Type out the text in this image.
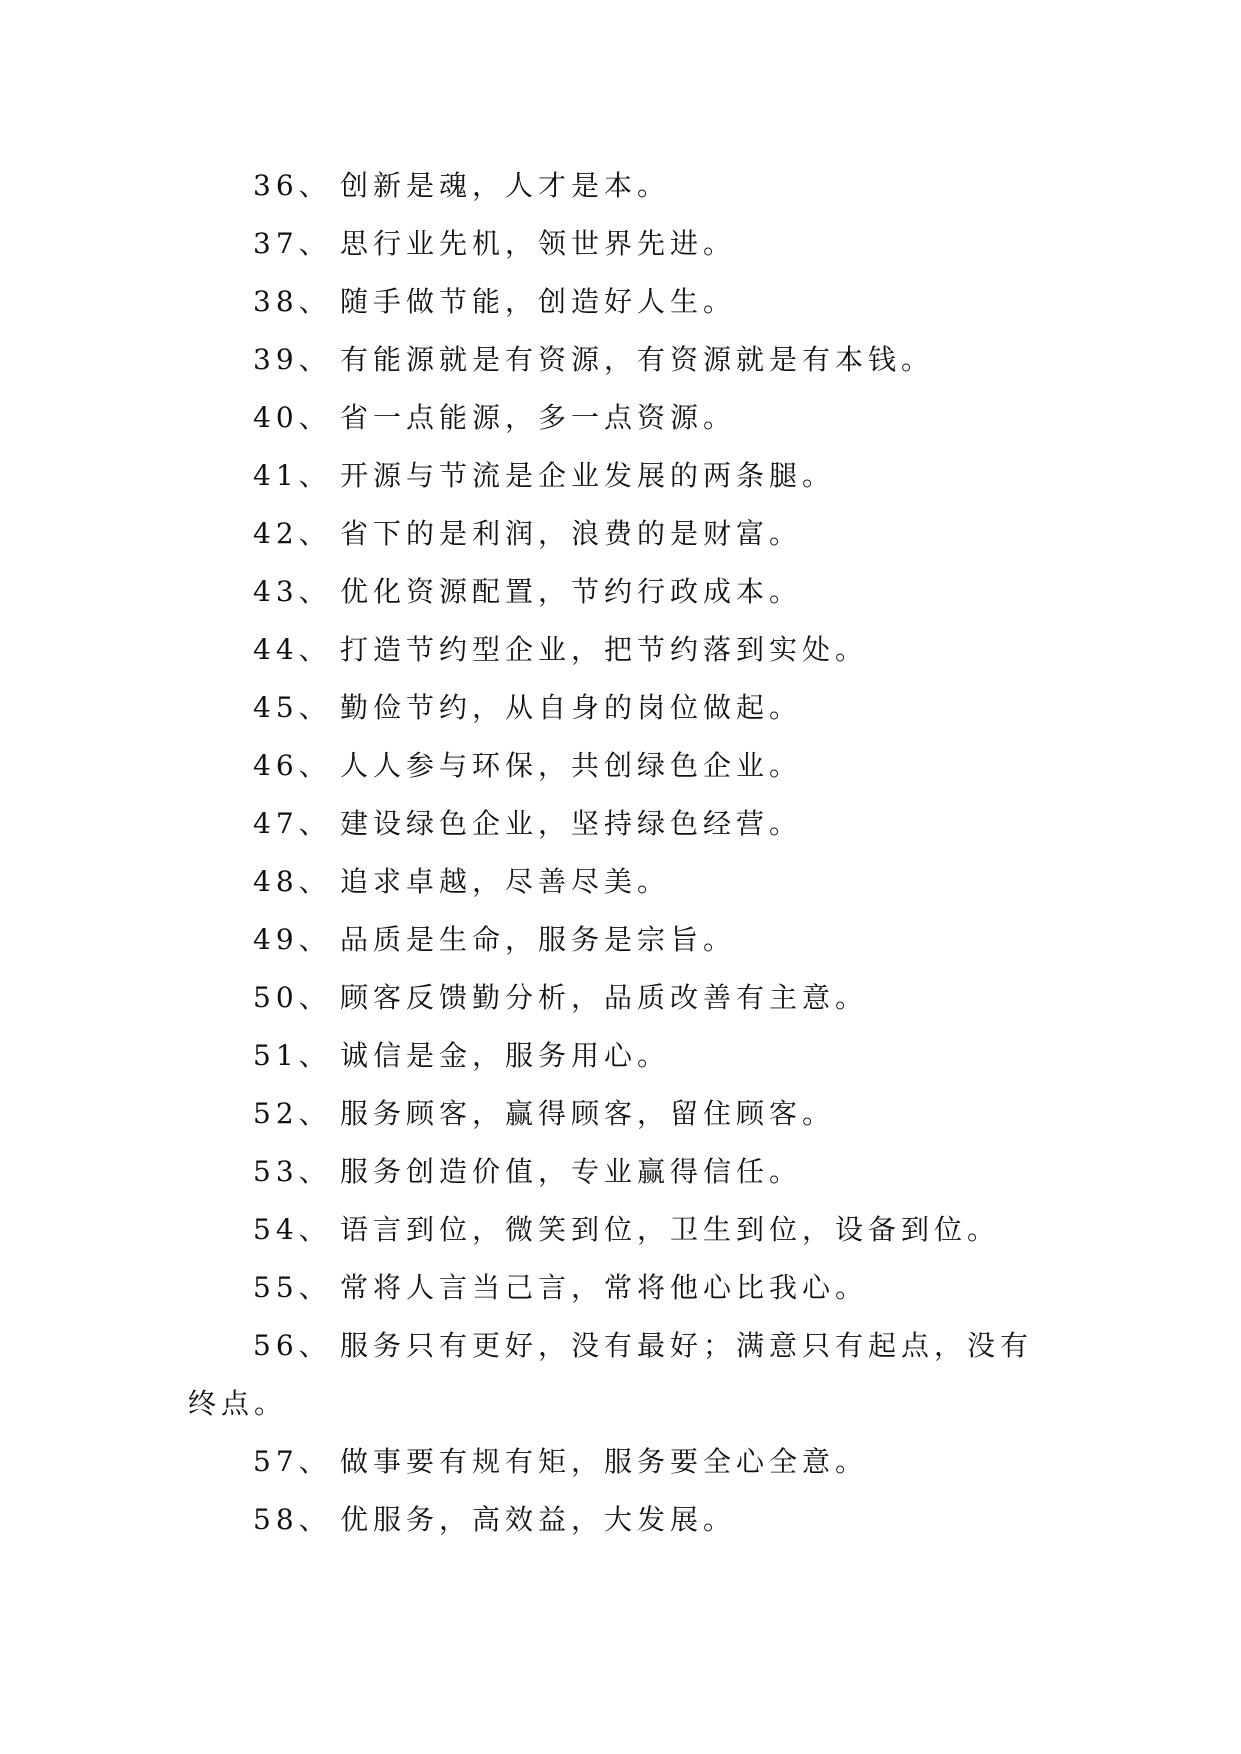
36、 创新是魂，人才是本。
37、 思行业先机，领世界先进。
38、 随手做节能，创造好人生。
39、 有能源就是有资源，有资源就是有本钱。
40、 省一点能源，多一点资源。
41、 开源与节流是企业发展的两条腿。
42、 省下的是利润，浪费的是财富。
43、 优化资源配置，节约行政成本。
44、 打造节约型企业，把节约落到实处。
45、 勤俭节约，从自身的岗位做起。
46、 人人参与环保，共创绿色企业。
47、 建设绿色企业，坚持绿色经营。
48、 追求卓越，尽善尽美。
49、 品质是生命，服务是宗旨。
50、 顾客反馈勤分析，品质改善有主意。
51、 诚信是金，服务用心。
52、 服务顾客，赢得顾客，留住顾客。
53、 服务创造价值，专业赢得信任。
54、 语言到位，微笑到位，卫生到位，设备到位。
55、 常将人言当己言，常将他心比我心。
56、 服务只有更好，没有最好；满意只有起点，没有
终点。
57、 做事要有规有矩，服务要全心全意。
58、 优服务，高效益，大发展。
